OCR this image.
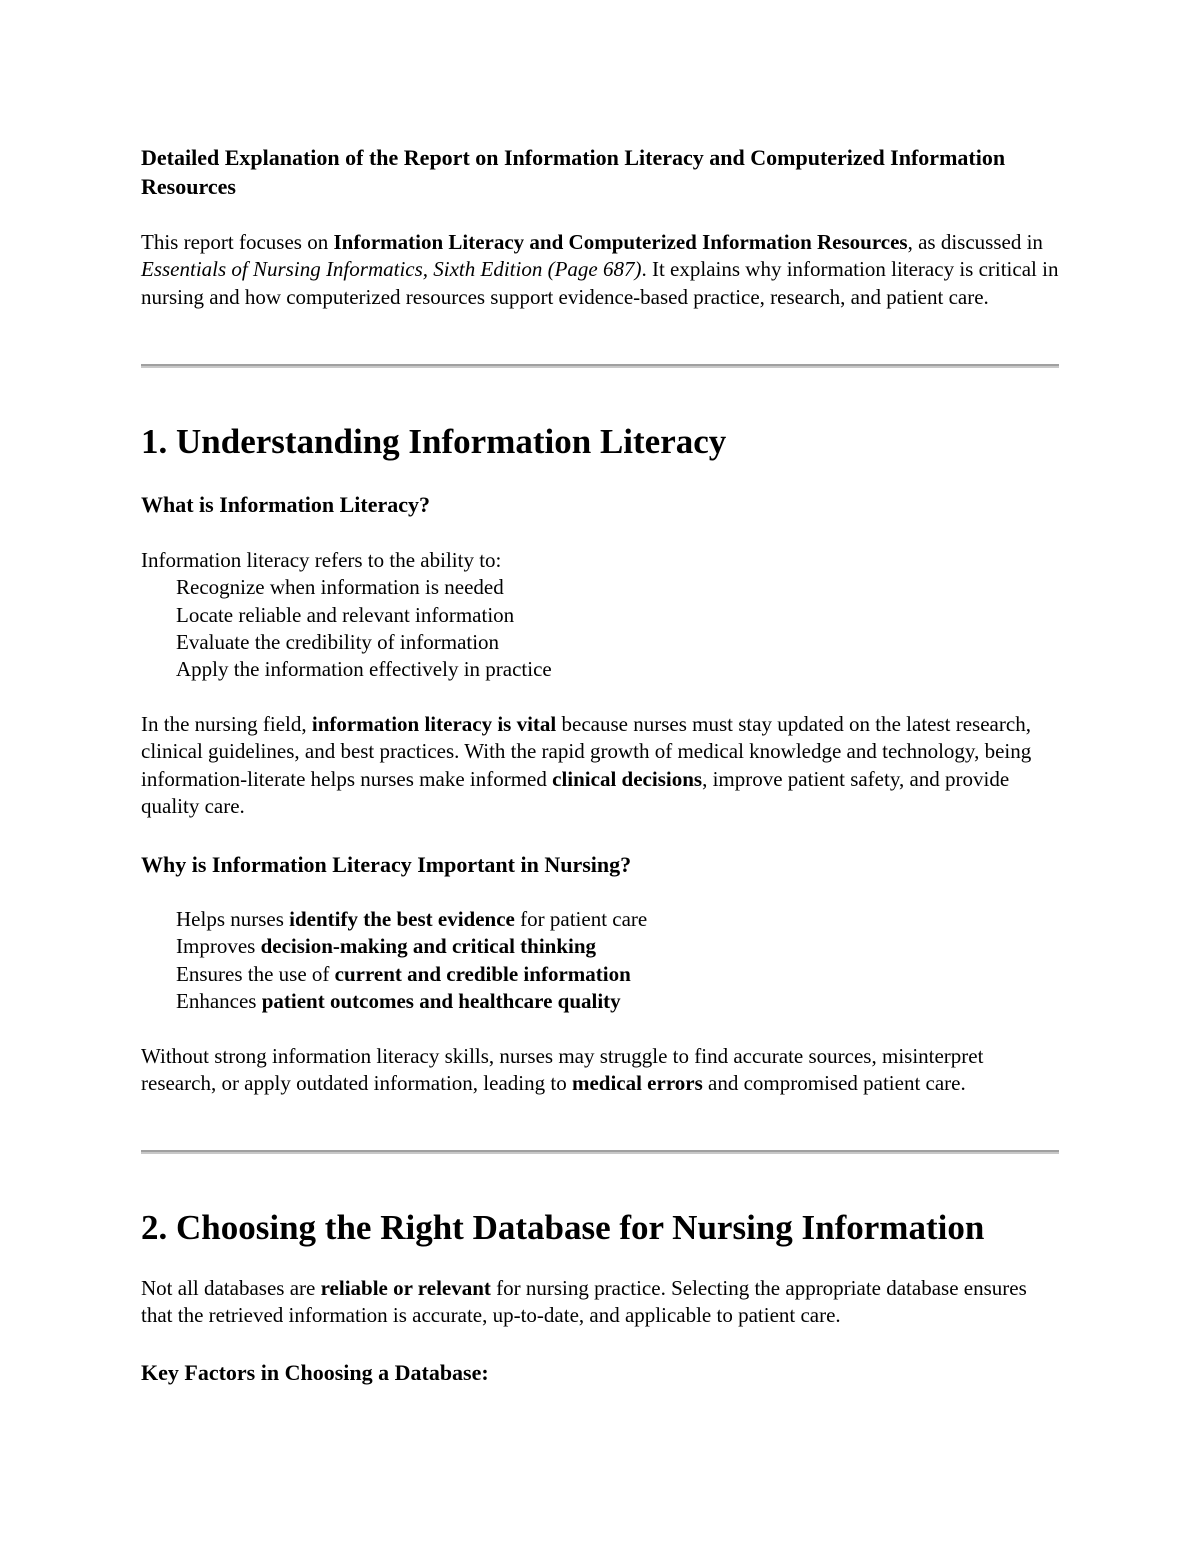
Detailed Explanation of the Report on Information Literacy and Computerized Information Resources

This report focuses on Information Literacy and Computerized Information Resources, as discussed in Essentials of Nursing Informatics, Sixth Edition (Page 687). It explains why information literacy is critical in nursing and how computerized resources support evidence-based practice, research, and patient care.

1. Understanding Information Literacy
What is Information Literacy?

Information literacy refers to the ability to:

Recognize when information is needed
Locate reliable and relevant information
Evaluate the credibility of information
Apply the information effectively in practice

In the nursing field, information literacy is vital because nurses must stay updated on the latest research, clinical guidelines, and best practices. With the rapid growth of medical knowledge and technology, being information-literate helps nurses make informed clinical decisions, improve patient safety, and provide quality care.

Why is Information Literacy Important in Nursing?
Helps nurses identify the best evidence for patient care
Improves decision-making and critical thinking
Ensures the use of current and credible information
Enhances patient outcomes and healthcare quality

Without strong information literacy skills, nurses may struggle to find accurate sources, misinterpret research, or apply outdated information, leading to medical errors and compromised patient care.

2. Choosing the Right Database for Nursing Information

Not all databases are reliable or relevant for nursing practice. Selecting the appropriate database ensures that the retrieved information is accurate, up-to-date, and applicable to patient care.

Key Factors in Choosing a Database:
